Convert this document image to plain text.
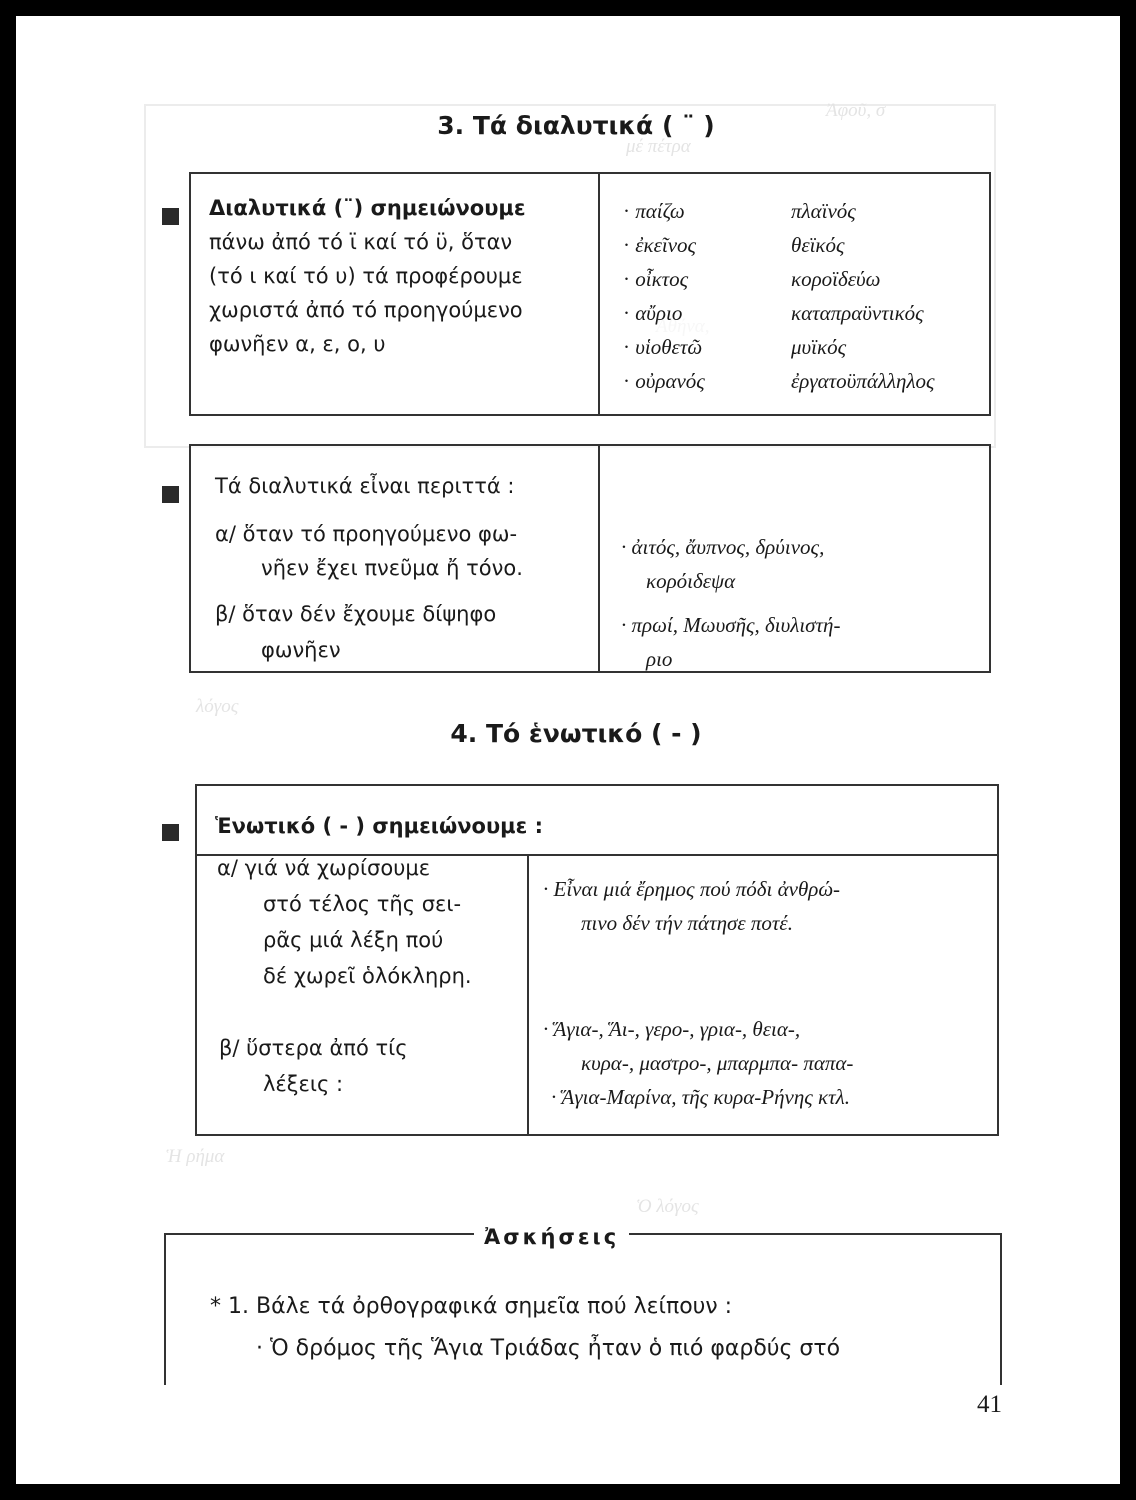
Ἀφοῦ, σ
μέ πέτρα
λόγος
Ἡ ρήμα
Ὁ λόγος
3. Τά διαλυτικά ( ¨ )
Διαλυτικά (¨) σημειώνουμε
πάνω ἀπό τό ϊ καί τό ϋ, ὅταν
(τό ι καί τό υ) τά προφέρουμε
χωριστά ἀπό τό προηγούμενο
φωνῆεν α, ε, ο, υ
· παίζω
· ἐκεῖνος
· οἶκτος
· αὔριο
· υἱοθετῶ
· οὐρανός
πλαϊνός
θεϊκός
κοροϊδεύω
καταπραϋντικός
μυϊκός
ἐργατοϋπάλληλος
Τά διαλυτικά εἶναι περιττά :
α/ ὅταν τό προηγούμενο φω-
νῆεν ἔχει πνεῦμα ἤ τόνο.
β/ ὅταν δέν ἔχουμε δίψηφο
φωνῆεν
· ἀιτός, ἄυπνος, δρύινος,
κορόιδεψα
· πρωί, Μωυσῆς, διυλιστή-
ριο
4. Τό ἑνωτικό ( - )
Ἑνωτικό ( - ) σημειώνουμε :
α/ γιά νά χωρίσουμε
στό τέλος τῆς σει-
ρᾶς μιά λέξη πού
δέ χωρεῖ ὁλόκληρη.
β/ ὕστερα ἀπό τίς
λέξεις :
· Εἶναι μιά ἔρημος πού πόδι ἀνθρώ-
πινο δέν τήν πάτησε ποτέ.
· Ἅγια-, Ἅι-, γερο-, γρια-, θεια-,
κυρα-, μαστρο-, μπαρμπα- παπα-
· Ἅγια-Μαρίνα, τῆς κυρα-Ρήνης κτλ.
Ἀσκήσεις
* 1. Βάλε τά ὀρθογραφικά σημεῖα πού λείπουν :
· Ὁ δρόμος τῆς Ἅγια Τριάδας ἦταν ὁ πιό φαρδύς στό
41
